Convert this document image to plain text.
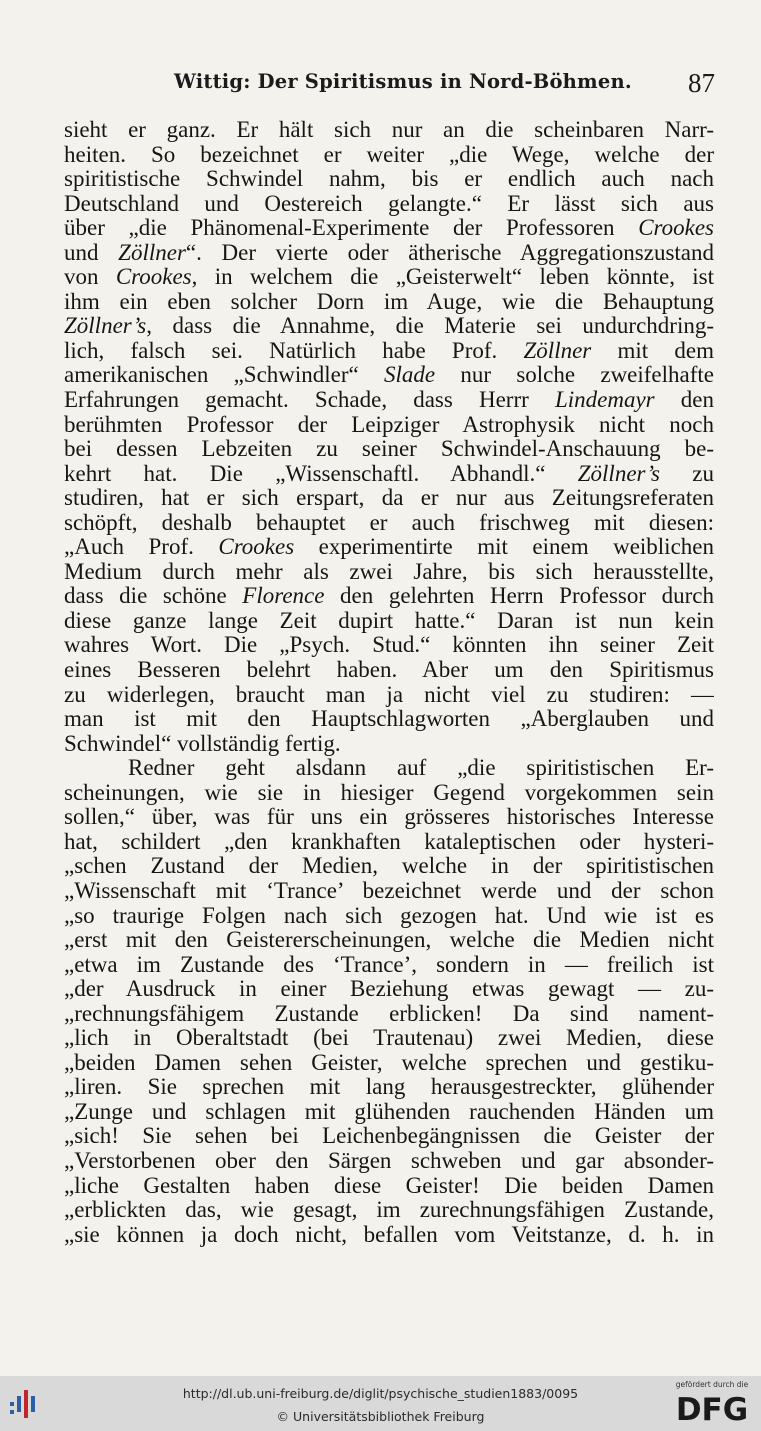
Wittig: Der Spiritismus in Nord-Böhmen. 87
sieht er ganz. Er hält sich nur an die scheinbaren Narr-
heiten. So bezeichnet er weiter „die Wege, welche der
spiritistische Schwindel nahm, bis er endlich auch nach
Deutschland und Oestereich gelangte.“ Er lässt sich aus
über „die Phänomenal-Experimente der Professoren Crookes
und Zöllner“. Der vierte oder ätherische Aggregationszustand
von Crookes, in welchem die „Geisterwelt“ leben könnte, ist
ihm ein eben solcher Dorn im Auge, wie die Behauptung
Zöllner’s, dass die Annahme, die Materie sei undurchdring-
lich, falsch sei. Natürlich habe Prof. Zöllner mit dem
amerikanischen „Schwindler“ Slade nur solche zweifelhafte
Erfahrungen gemacht. Schade, dass Herrr Lindemayr den
berühmten Professor der Leipziger Astrophysik nicht noch
bei dessen Lebzeiten zu seiner Schwindel-Anschauung be-
kehrt hat. Die „Wissenschaftl. Abhandl.“ Zöllner’s zu
studiren, hat er sich erspart, da er nur aus Zeitungsreferaten
schöpft, deshalb behauptet er auch frischweg mit diesen:
„Auch Prof. Crookes experimentirte mit einem weiblichen
Medium durch mehr als zwei Jahre, bis sich herausstellte,
dass die schöne Florence den gelehrten Herrn Professor durch
diese ganze lange Zeit dupirt hatte.“ Daran ist nun kein
wahres Wort. Die „Psych. Stud.“ könnten ihn seiner Zeit
eines Besseren belehrt haben. Aber um den Spiritismus
zu widerlegen, braucht man ja nicht viel zu studiren: —
man ist mit den Hauptschlagworten „Aberglauben und
Schwindel“ vollständig fertig.
Redner geht alsdann auf „die spiritistischen Er-
scheinungen, wie sie in hiesiger Gegend vorgekommen sein
sollen,“ über, was für uns ein grösseres historisches Interesse
hat, schildert „den krankhaften kataleptischen oder hysteri-
„schen Zustand der Medien, welche in der spiritistischen
„Wissenschaft mit ‘Trance’ bezeichnet werde und der schon
„so traurige Folgen nach sich gezogen hat. Und wie ist es
„erst mit den Geistererscheinungen, welche die Medien nicht
„etwa im Zustande des ‘Trance’, sondern in — freilich ist
„der Ausdruck in einer Beziehung etwas gewagt — zu-
„rechnungsfähigem Zustande erblicken! Da sind nament-
„lich in Oberaltstadt (bei Trautenau) zwei Medien, diese
„beiden Damen sehen Geister, welche sprechen und gestiku-
„liren. Sie sprechen mit lang herausgestreckter, glühender
„Zunge und schlagen mit glühenden rauchenden Händen um
„sich! Sie sehen bei Leichenbegängnissen die Geister der
„Verstorbenen ober den Särgen schweben und gar absonder-
„liche Gestalten haben diese Geister! Die beiden Damen
„erblickten das, wie gesagt, im zurechnungsfähigen Zustande,
„sie können ja doch nicht, befallen vom Veitstanze, d. h. in
http://dl.ub.uni-freiburg.de/diglit/psychische_studien1883/0095
© Universitätsbibliothek Freiburg
gefördert durch die
DFG
